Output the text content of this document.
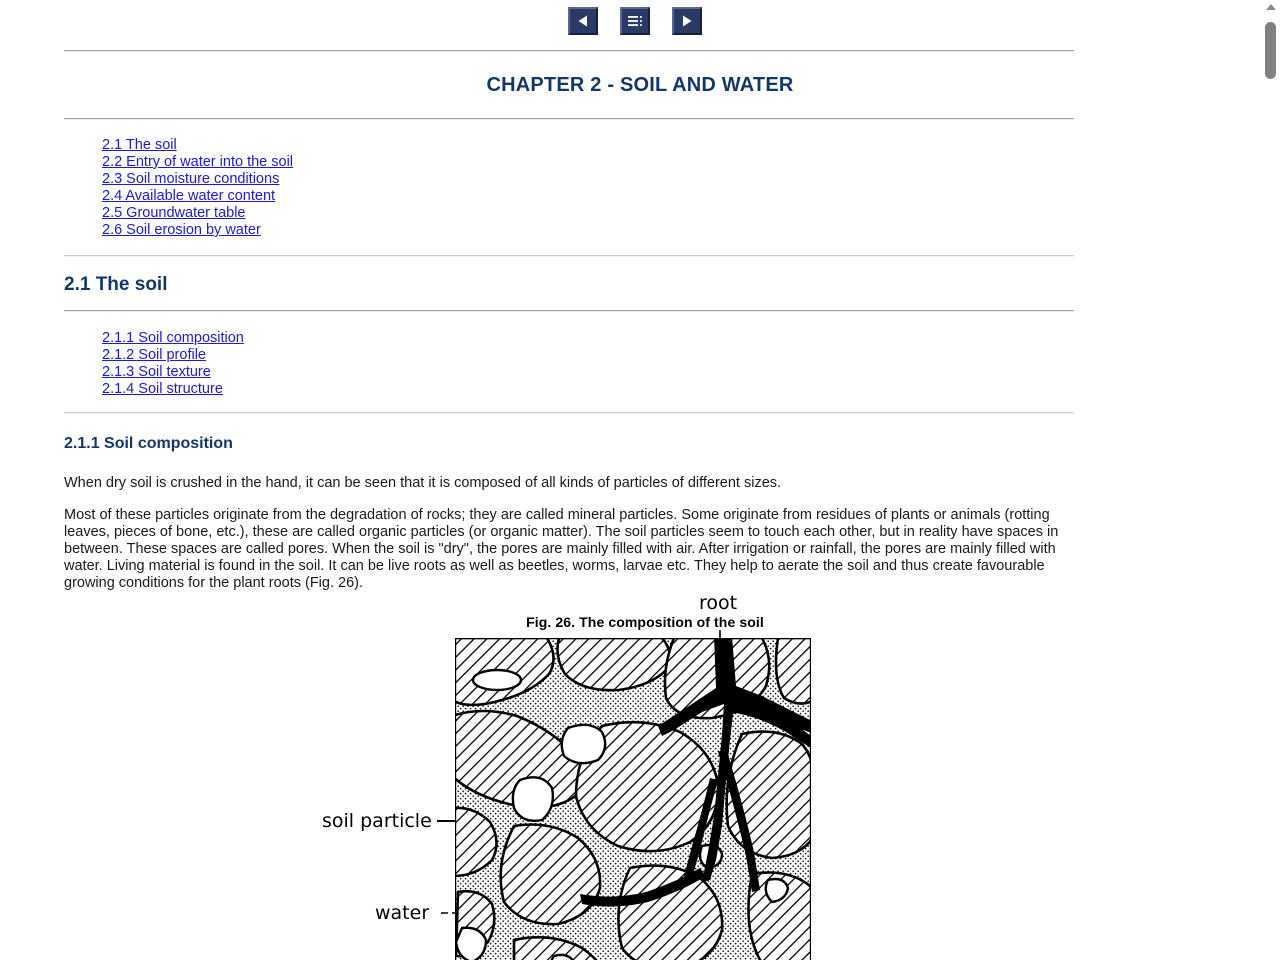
CHAPTER 2 - SOIL AND WATER
2.1 The soil
2.2 Entry of water into the soil
2.3 Soil moisture conditions
2.4 Available water content
2.5 Groundwater table
2.6 Soil erosion by water
2.1 The soil
2.1.1 Soil composition
2.1.2 Soil profile
2.1.3 Soil texture
2.1.4 Soil structure
2.1.1 Soil composition

When dry soil is crushed in the hand, it can be seen that it is composed of all kinds of particles of different sizes.

Most of these particles originate from the degradation of rocks; they are called mineral particles. Some originate from residues of plants or animals (rotting leaves, pieces of bone, etc.), these are called organic particles (or organic matter). The soil particles seem to touch each other, but in reality have spaces in between. These spaces are called pores. When the soil is "dry", the pores are mainly filled with air. After irrigation or rainfall, the pores are mainly filled with water. Living material is found in the soil. It can be live roots as well as beetles, worms, larvae etc. They help to aerate the soil and thus create favourable growing conditions for the plant roots (Fig. 26).

Fig. 26. The composition of the soil
soil particle
water
root
